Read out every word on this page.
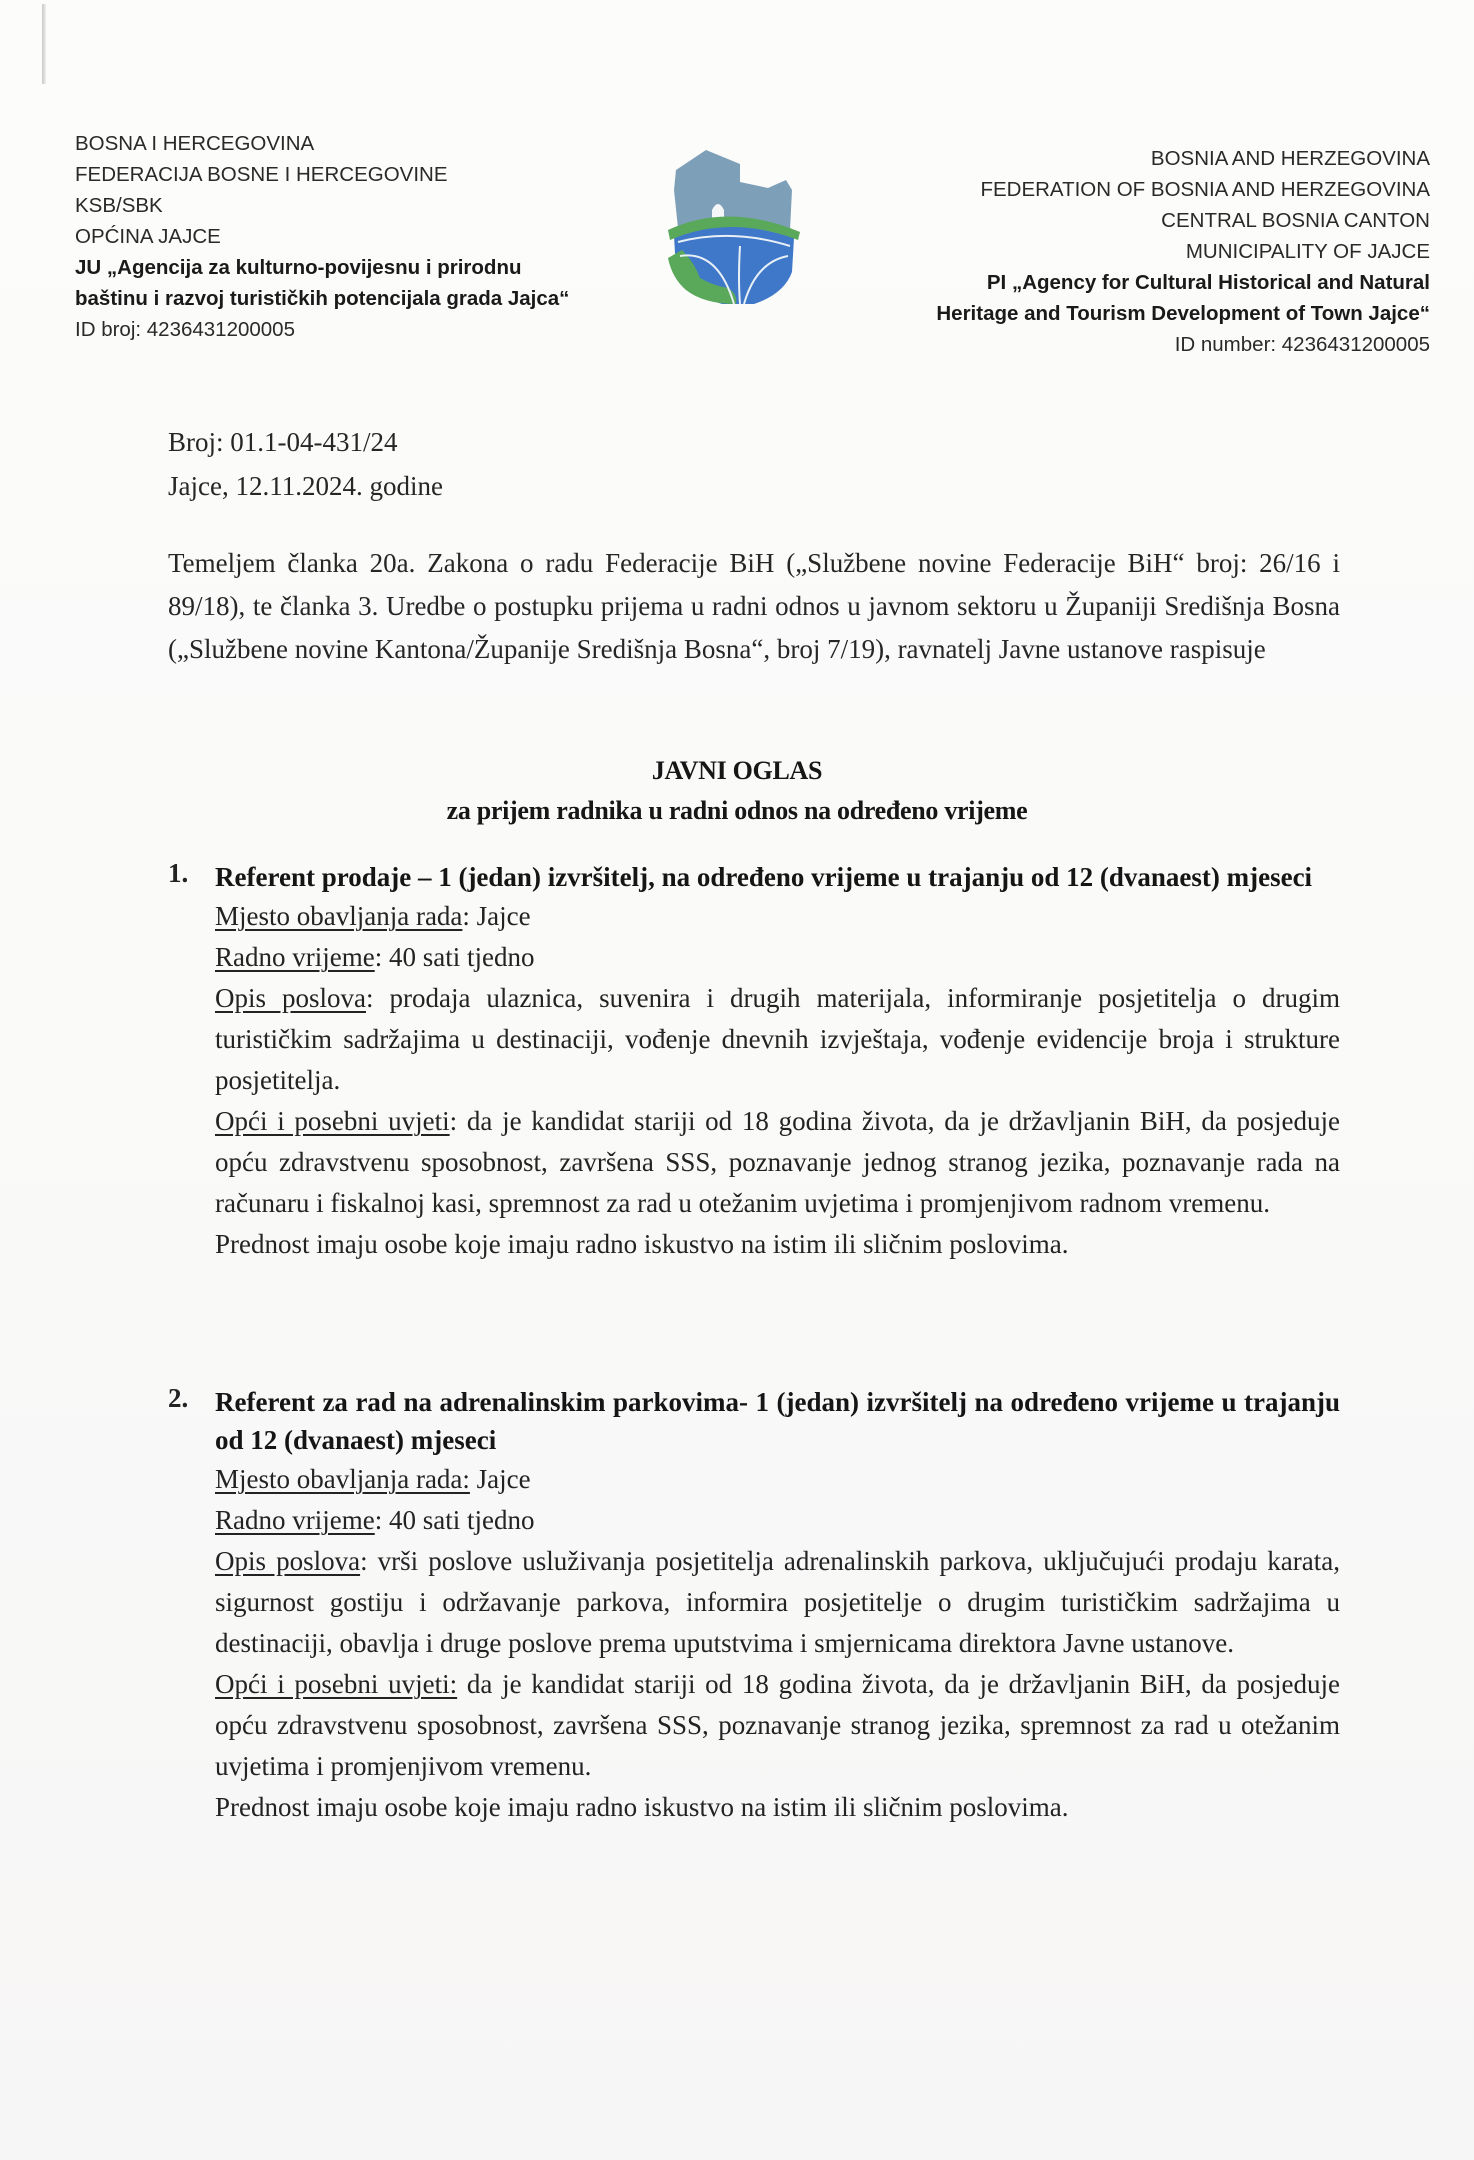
BOSNA I HERCEGOVINA
FEDERACIJA BOSNE I HERCEGOVINE
KSB/SBK
OPĆINA JAJCE
JU „Agencija za kulturno-povijesnu i prirodnu
baštinu i razvoj turističkih potencijala grada Jajca“
ID broj: 4236431200005
BOSNIA AND HERZEGOVINA
FEDERATION OF BOSNIA AND HERZEGOVINA
CENTRAL BOSNIA CANTON
MUNICIPALITY OF JAJCE
PI „Agency for Cultural Historical and Natural
Heritage and Tourism Development of Town Jajce“
ID number: 4236431200005
Broj: 01.1-04-431/24
Jajce, 12.11.2024. godine
Temeljem članka 20a. Zakona o radu Federacije BiH („Službene novine Federacije BiH“ broj: 26/16 i 89/18), te članka 3. Uredbe o postupku prijema u radni odnos u javnom sektoru u Županiji Središnja Bosna („Službene novine Kantona/Županije Središnja Bosna“, broj 7/19), ravnatelj Javne ustanove raspisuje
JAVNI OGLAS
za prijem radnika u radni odnos na određeno vrijeme
1. Referent prodaje – 1 (jedan) izvršitelj, na određeno vrijeme u trajanju od 12 (dvanaest) mjeseci
Mjesto obavljanja rada: Jajce
Radno vrijeme: 40 sati tjedno
Opis poslova: prodaja ulaznica, suvenira i drugih materijala, informiranje posjetitelja o drugim turističkim sadržajima u destinaciji, vođenje dnevnih izvještaja, vođenje evidencije broja i strukture posjetitelja.
Opći i posebni uvjeti: da je kandidat stariji od 18 godina života, da je državljanin BiH, da posjeduje opću zdravstvenu sposobnost, završena SSS, poznavanje jednog stranog jezika, poznavanje rada na računaru i fiskalnoj kasi, spremnost za rad u otežanim uvjetima i promjenjivom radnom vremenu.
Prednost imaju osobe koje imaju radno iskustvo na istim ili sličnim poslovima.
2. Referent za rad na adrenalinskim parkovima- 1 (jedan) izvršitelj na određeno vrijeme u trajanju od 12 (dvanaest) mjeseci
Mjesto obavljanja rada: Jajce
Radno vrijeme: 40 sati tjedno
Opis poslova: vrši poslove usluživanja posjetitelja adrenalinskih parkova, uključujući prodaju karata, sigurnost gostiju i održavanje parkova, informira posjetitelje o drugim turističkim sadržajima u destinaciji, obavlja i druge poslove prema uputstvima i smjernicama direktora Javne ustanove.
Opći i posebni uvjeti: da je kandidat stariji od 18 godina života, da je državljanin BiH, da posjeduje opću zdravstvenu sposobnost, završena SSS, poznavanje stranog jezika, spremnost za rad u otežanim uvjetima i promjenjivom vremenu.
Prednost imaju osobe koje imaju radno iskustvo na istim ili sličnim poslovima.
